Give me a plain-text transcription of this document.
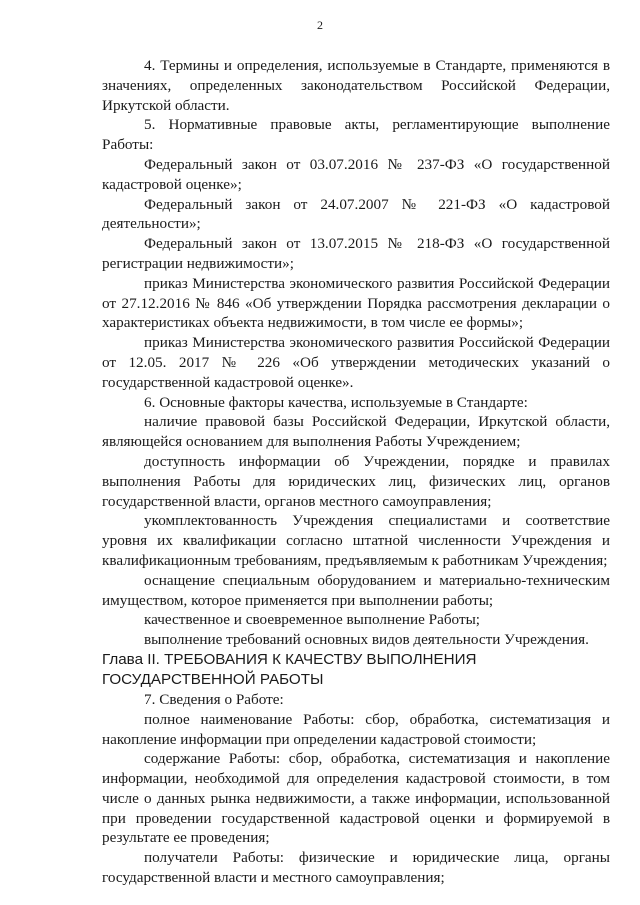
2

4. Термины и определения, используемые в Стандарте, применяются в значениях, определенных законодательством Российской Федерации, Иркутской области.

5. Нормативные правовые акты, регламентирующие выполнение Работы:

Федеральный закон от 03.07.2016 № 237-ФЗ «О государственной кадастровой оценке»;

Федеральный закон от 24.07.2007 № 221-ФЗ «О кадастровой деятельности»;

Федеральный закон от 13.07.2015 № 218-ФЗ «О государственной регистрации недвижимости»;

приказ Министерства экономического развития Российской Федерации от 27.12.2016 № 846 «Об утверждении Порядка рассмотрения декларации о характеристиках объекта недвижимости, в том числе ее формы»;

приказ Министерства экономического развития Российской Федерации от 12.05. 2017 № 226 «Об утверждении методических указаний о государственной кадастровой оценке».

6. Основные факторы качества, используемые в Стандарте:

наличие правовой базы Российской Федерации, Иркутской области, являющейся основанием для выполнения Работы Учреждением;

доступность информации об Учреждении, порядке и правилах выполнения Работы для юридических лиц, физических лиц, органов государственной власти, органов местного самоуправления;

укомплектованность Учреждения специалистами и соответствие уровня их квалификации согласно штатной численности Учреждения и квалификационным требованиям, предъявляемым к работникам Учреждения;

оснащение специальным оборудованием и материально-техническим имуществом, которое применяется при выполнении работы;

качественное и своевременное выполнение Работы;

выполнение требований основных видов деятельности Учреждения.

Глава II. ТРЕБОВАНИЯ К КАЧЕСТВУ ВЫПОЛНЕНИЯ
ГОСУДАРСТВЕННОЙ РАБОТЫ

7. Сведения о Работе:

полное наименование Работы: сбор, обработка, систематизация и накопление информации при определении кадастровой стоимости;

содержание Работы: сбор, обработка, систематизация и накопление информации, необходимой для определения кадастровой стоимости, в том числе о данных рынка недвижимости, а также информации, использованной при проведении государственной кадастровой оценки и формируемой в результате ее проведения;

получатели Работы: физические и юридические лица, органы государственной власти и местного самоуправления;
